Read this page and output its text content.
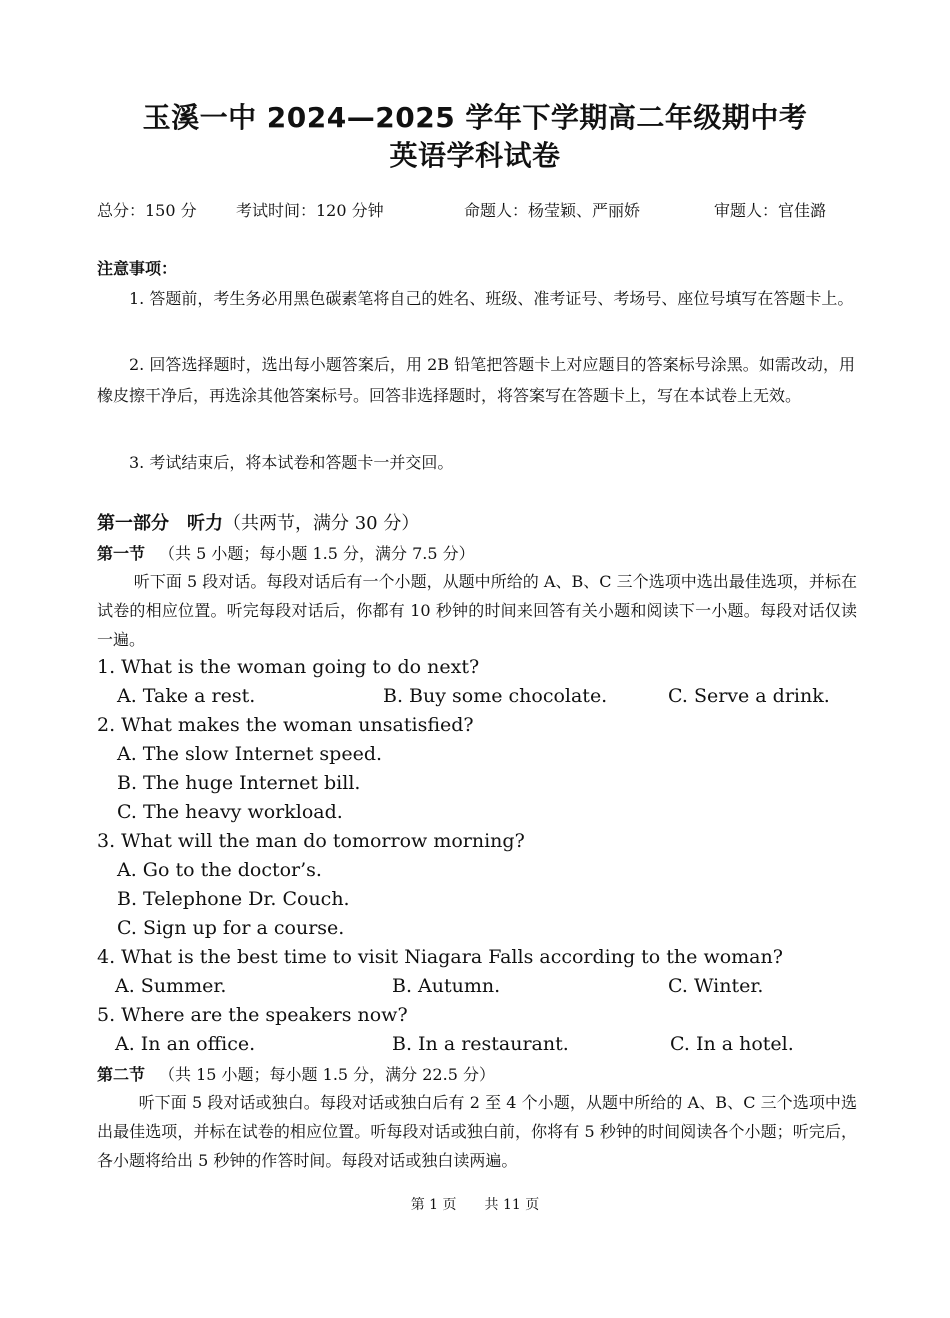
玉溪一中 2024—2025 学年下学期高二年级期中考
英语学科试卷
总分：150 分 考试时间：120 分钟	命题人：杨莹颖、严丽娇	审题人：官佳潞
注意事项：
1. 答题前，考生务必用黑色碳素笔将自己的姓名、班级、准考证号、考场号、座位号填写在答题卡上。
2. 回答选择题时，选出每小题答案后，用 2B 铅笔把答题卡上对应题目的答案标号涂黑。如需改动，用橡皮擦干净后，再选涂其他答案标号。回答非选择题时，将答案写在答题卡上，写在本试卷上无效。
3. 考试结束后，将本试卷和答题卡一并交回。
第一部分　听力（共两节，满分 30 分）
第一节 （共 5 小题；每小题 1.5 分，满分 7.5 分）
听下面 5 段对话。每段对话后有一个小题，从题中所给的 A、B、C 三个选项中选出最佳选项，并标在试卷的相应位置。听完每段对话后，你都有 10 秒钟的时间来回答有关小题和阅读下一小题。每段对话仅读一遍。
1. What is the woman going to do next?
A. Take a rest.	B. Buy some chocolate.	C. Serve a drink.
2. What makes the woman unsatisfied?
A. The slow Internet speed.
B. The huge Internet bill.
C. The heavy workload.
3. What will the man do tomorrow morning?
A. Go to the doctor’s.
B. Telephone Dr. Couch.
C. Sign up for a course.
4. What is the best time to visit Niagara Falls according to the woman?
A. Summer.	B. Autumn.	C. Winter.
5. Where are the speakers now?
A. In an office.	B. In a restaurant.	C. In a hotel.
第二节 （共 15 小题；每小题 1.5 分，满分 22.5 分）
听下面 5 段对话或独白。每段对话或独白后有 2 至 4 个小题，从题中所给的 A、B、C 三个选项中选出最佳选项，并标在试卷的相应位置。听每段对话或独白前，你将有 5 秒钟的时间阅读各个小题；听完后，各小题将给出 5 秒钟的作答时间。每段对话或独白读两遍。
第 1 页　　共 11 页
